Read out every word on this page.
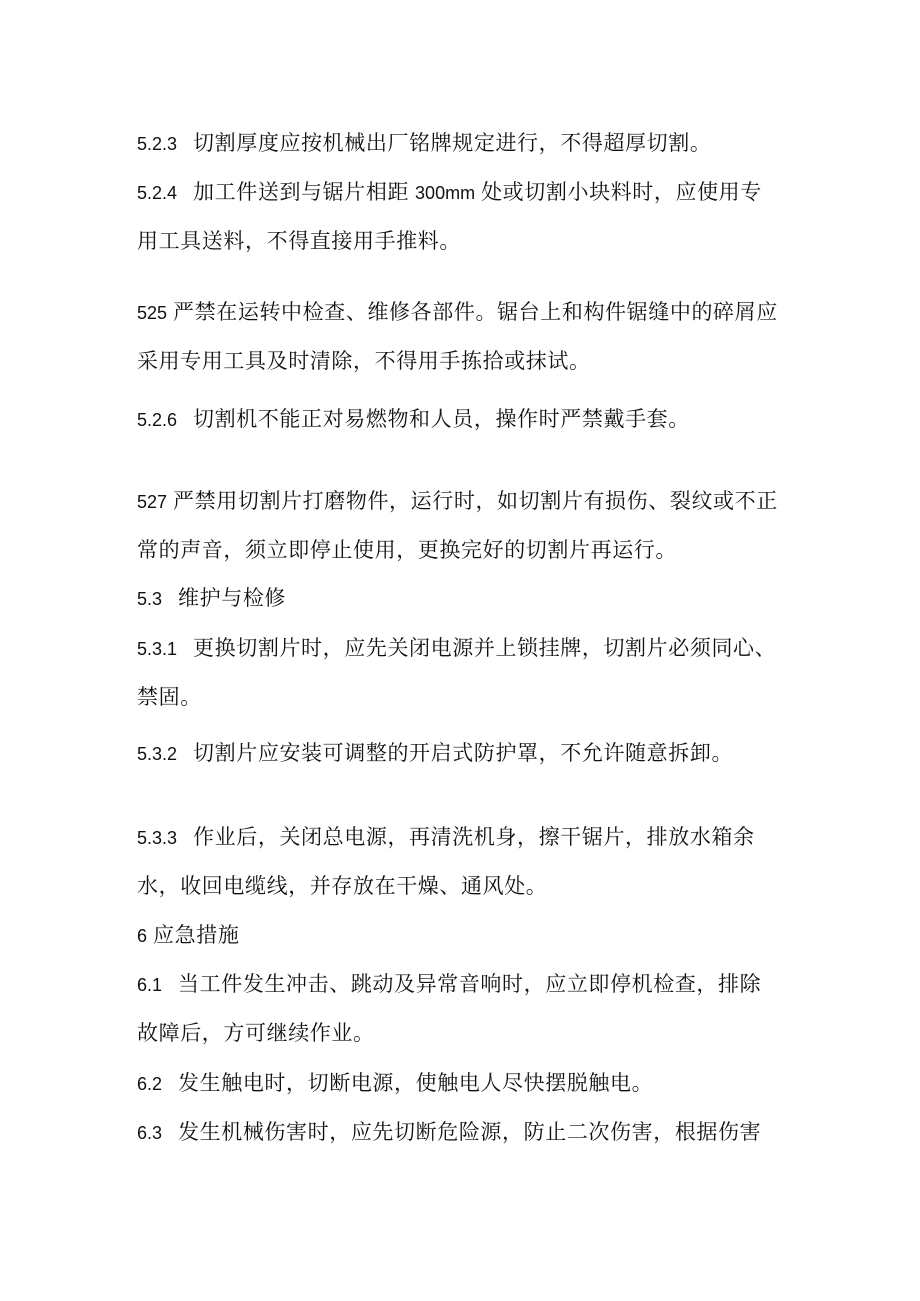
5.2.3 切割厚度应按机械出厂铭牌规定进行，不得超厚切割。
5.2.4 加工件送到与锯片相距 300mm 处或切割小块料时，应使用专
用工具送料，不得直接用手推料。
525 严禁在运转中检查、维修各部件。锯台上和构件锯缝中的碎屑应
采用专用工具及时清除，不得用手拣拾或抹试。
5.2.6 切割机不能正对易燃物和人员，操作时严禁戴手套。
527 严禁用切割片打磨物件，运行时，如切割片有损伤、裂纹或不正
常的声音，须立即停止使用，更换完好的切割片再运行。
5.3 维护与检修
5.3.1 更换切割片时，应先关闭电源并上锁挂牌，切割片必须同心、
禁固。
5.3.2 切割片应安装可调整的开启式防护罩，不允许随意拆卸。
5.3.3 作业后，关闭总电源，再清洗机身，擦干锯片，排放水箱余
水，收回电缆线，并存放在干燥、通风处。
6 应急措施
6.1 当工件发生冲击、跳动及异常音响时，应立即停机检查，排除
故障后，方可继续作业。
6.2 发生触电时，切断电源，使触电人尽快摆脱触电。
6.3 发生机械伤害时，应先切断危险源，防止二次伤害，根据伤害
